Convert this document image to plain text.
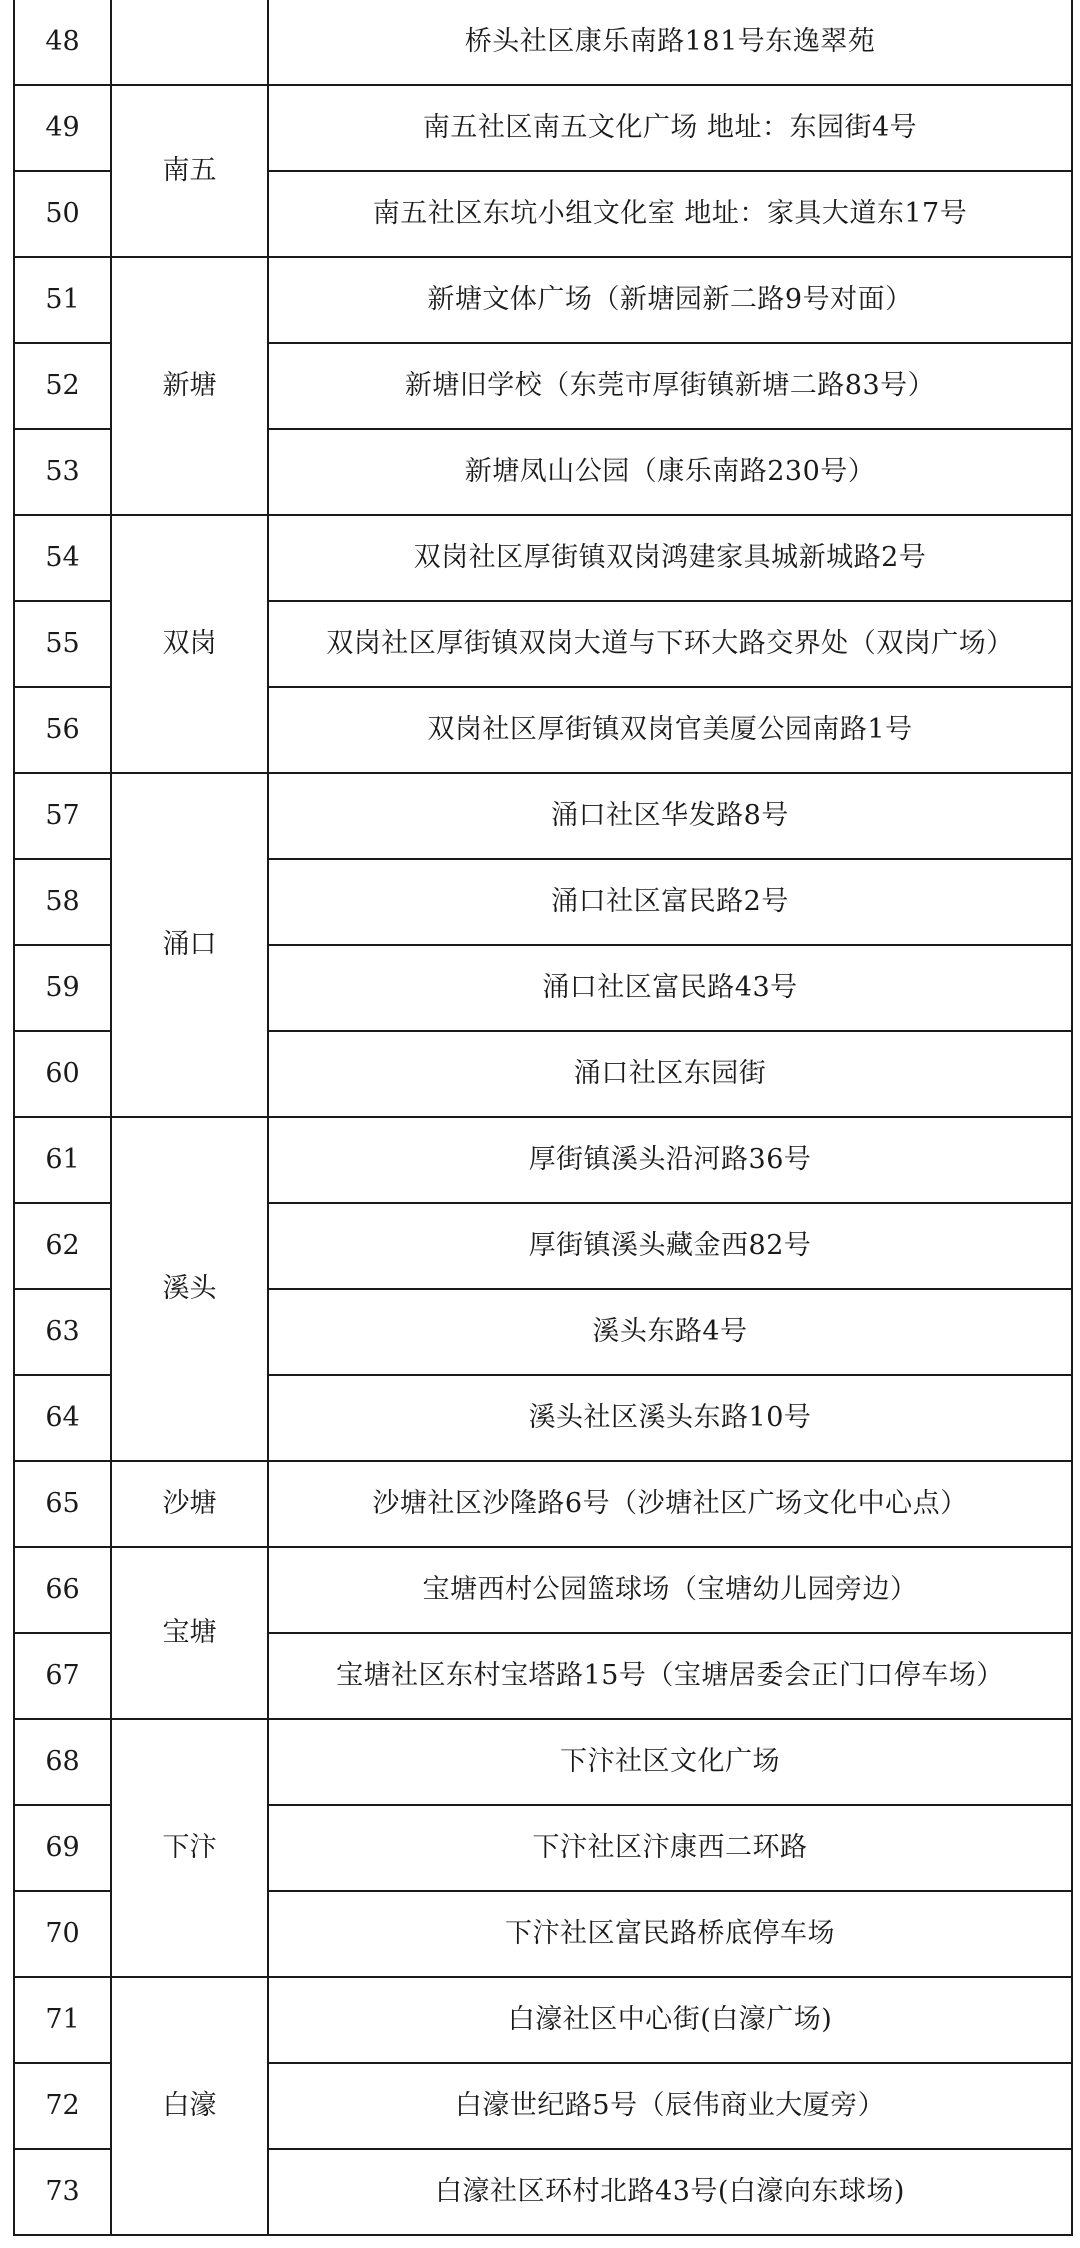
48		桥头社区康乐南路181号东逸翠苑
49	南五	南五社区南五文化广场 地址：东园街4号
50		南五社区东坑小组文化室 地址：家具大道东17号
51	新塘	新塘文体广场（新塘园新二路9号对面）
52		新塘旧学校（东莞市厚街镇新塘二路83号）
53		新塘凤山公园（康乐南路230号）
54	双岗	双岗社区厚街镇双岗鸿建家具城新城路2号
55		双岗社区厚街镇双岗大道与下环大路交界处（双岗广场）
56		双岗社区厚街镇双岗官美厦公园南路1号
57	涌口	涌口社区华发路8号
58		涌口社区富民路2号
59		涌口社区富民路43号
60		涌口社区东园街
61	溪头	厚街镇溪头沿河路36号
62		厚街镇溪头藏金西82号
63		溪头东路4号
64		溪头社区溪头东路10号
65	沙塘	沙塘社区沙隆路6号（沙塘社区广场文化中心点）
66	宝塘	宝塘西村公园篮球场（宝塘幼儿园旁边）
67		宝塘社区东村宝塔路15号（宝塘居委会正门口停车场）
68	下汴	下汴社区文化广场
69		下汴社区汴康西二环路
70		下汴社区富民路桥底停车场
71	白濠	白濠社区中心街(白濠广场)
72		白濠世纪路5号（辰伟商业大厦旁）
73		白濠社区环村北路43号(白濠向东球场)
